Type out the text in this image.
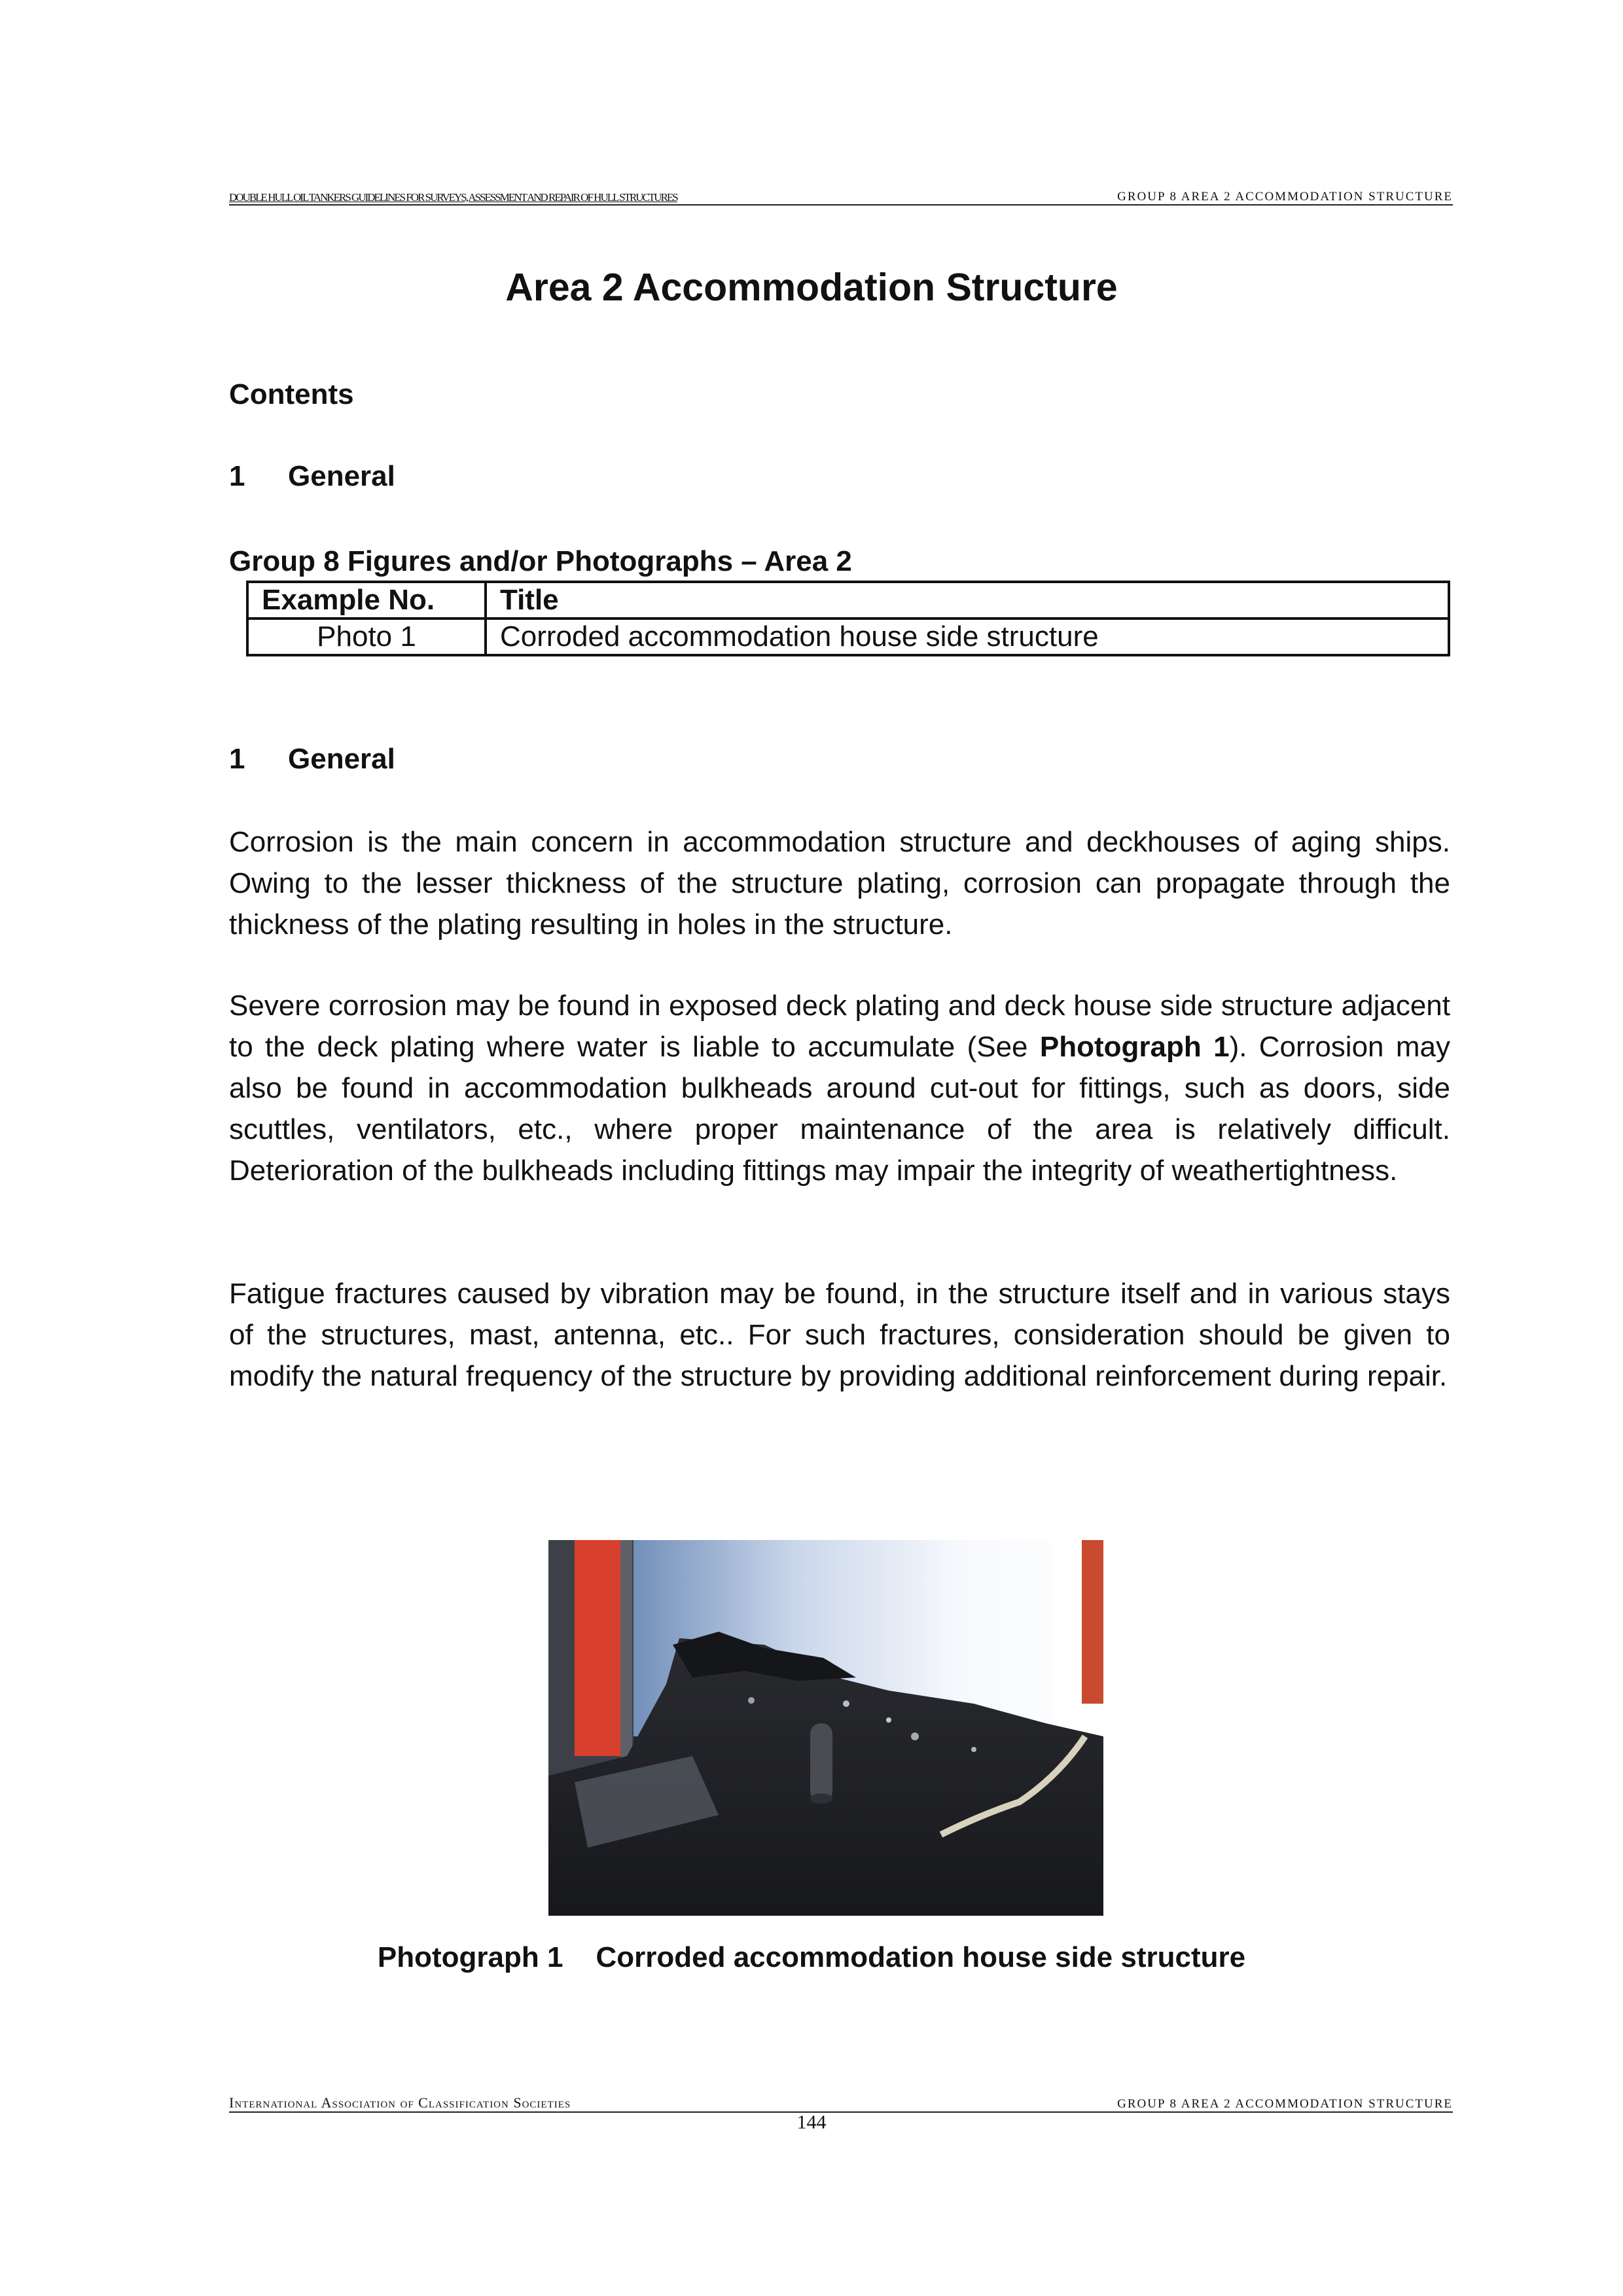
DOUBLE HULL OIL TANKERS GUIDELINES FOR SURVEYS, ASSESSMENT AND REPAIR OF HULL STRUCTURES	GROUP 8 AREA 2 ACCOMMODATION STRUCTURE
Area 2 Accommodation Structure

Contents

1 General

Group 8 Figures and/or Photographs – Area 2

Example No.	Title
Photo 1	Corroded accommodation house side structure

1 General

Corrosion is the main concern in accommodation structure and deckhouses of aging ships. Owing to the lesser thickness of the structure plating, corrosion can propagate through the thickness of the plating resulting in holes in the structure.

Severe corrosion may be found in exposed deck plating and deck house side structure adjacent to the deck plating where water is liable to accumulate (See Photograph 1). Corrosion may also be found in accommodation bulkheads around cut-out for fittings, such as doors, side scuttles, ventilators, etc., where proper maintenance of the area is relatively difficult. Deterioration of the bulkheads including fittings may impair the integrity of weathertightness.

Fatigue fractures caused by vibration may be found, in the structure itself and in various stays of the structures, mast, antenna, etc.. For such fractures, consideration should be given to modify the natural frequency of the structure by providing additional reinforcement during repair.

Photograph 1 Corroded accommodation house side structure

International Association of Classification Societies	GROUP 8 AREA 2 ACCOMMODATION STRUCTURE
144
